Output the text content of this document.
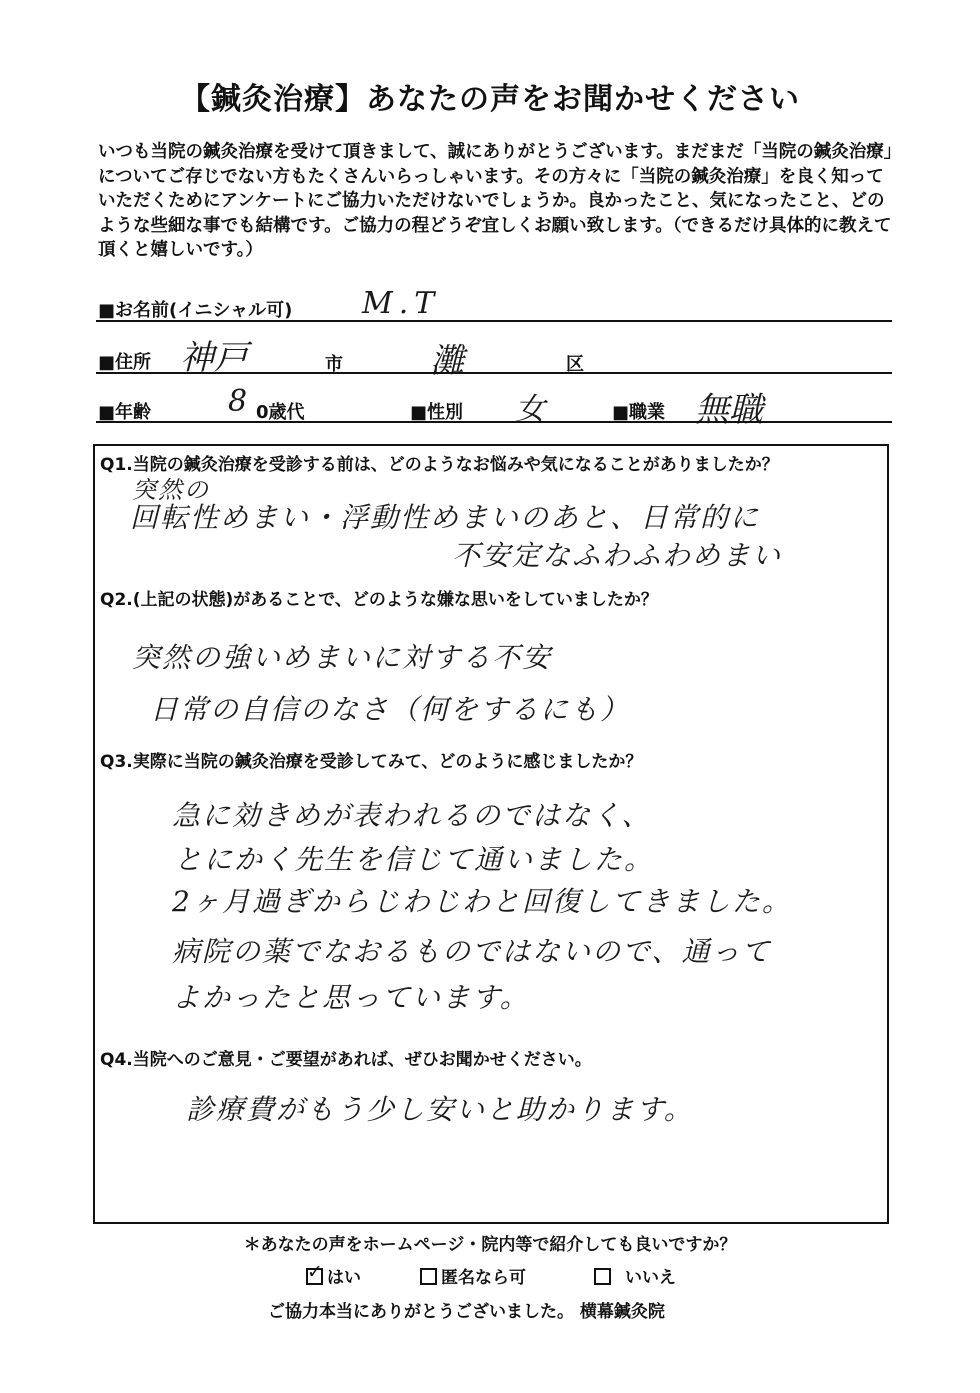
【鍼灸治療】あなたの声をお聞かせください
いつも当院の鍼灸治療を受けて頂きまして、誠にありがとうございます。まだまだ「当院の鍼灸治療」についてご存じでない方もたくさんいらっしゃいます。その方々に「当院の鍼灸治療」を良く知っていただくためにアンケートにご協力いただけないでしょうか。良かったこと、気になったこと、どのような些細な事でも結構です。ご協力の程どうぞ宜しくお願い致します。（できるだけ具体的に教えて頂くと嬉しいです。）
■お名前(イニシャル可) M.T
■住所 神戸	市	灘	区
■年齢	8 0歳代	■性別 女	■職業 無職
Q1.当院の鍼灸治療を受診する前は、どのようなお悩みや気になることがありましたか？
突然の
回転性めまい・浮動性めまいのあと、日常的に
不安定なふわふわめまい
Q2.(上記の状態)があることで、どのような嫌な思いをしていましたか？
突然の強いめまいに対する不安
日常の自信のなさ（何をするにも）
Q3.実際に当院の鍼灸治療を受診してみて、どのように感じましたか？
急に効きめが表われるのではなく、
とにかく先生を信じて通いました。
2ヶ月過ぎからじわじわと回復してきました。
病院の薬でなおるものではないので、通って
よかったと思っています。
Q4.当院へのご意見・ご要望があれば、ぜひお聞かせください。
診療費がもう少し安いと助かります。
＊あなたの声をホームページ・院内等で紹介しても良いですか？
✓はい	匿名なら可	いいえ
ご協力本当にありがとうございました。 横幕鍼灸院
